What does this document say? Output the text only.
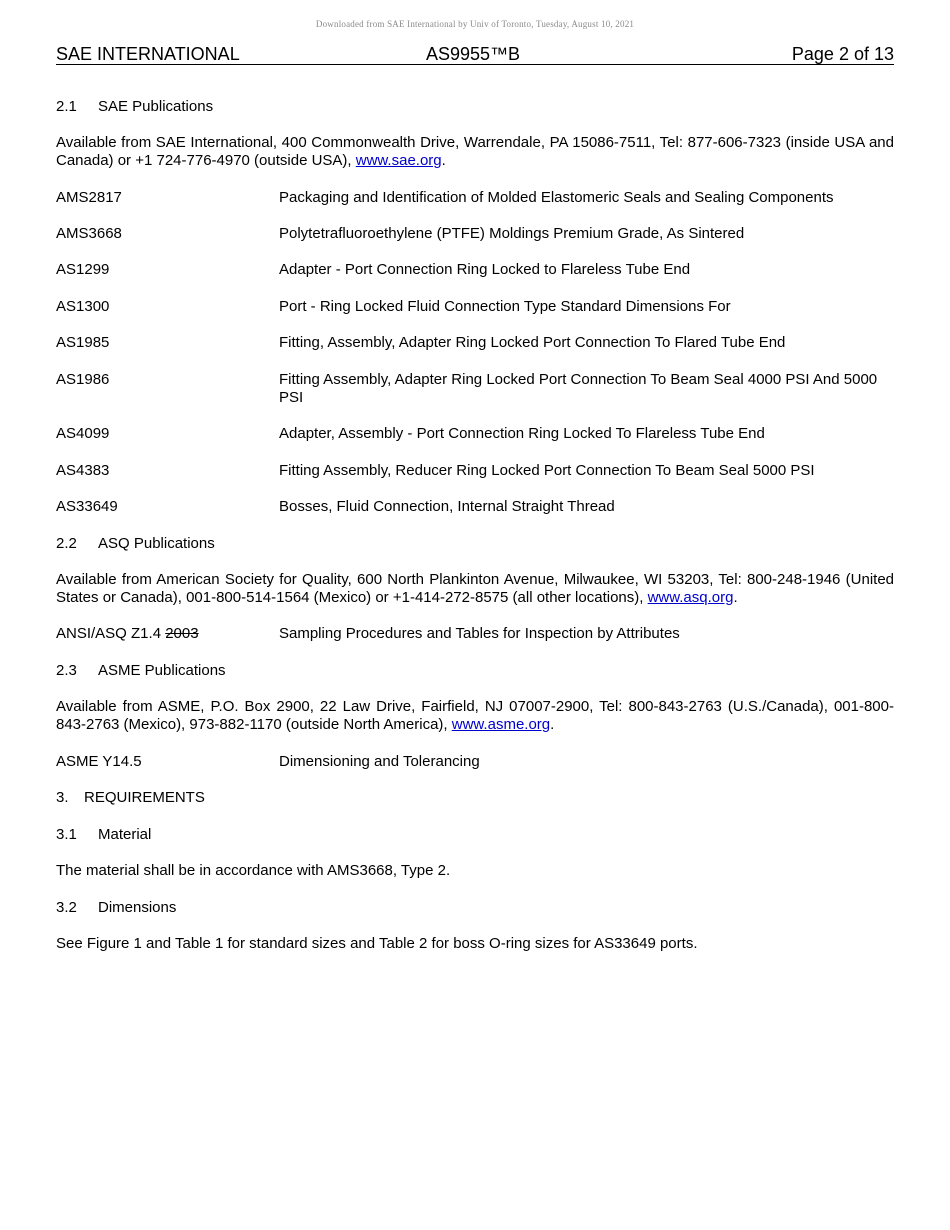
Downloaded from SAE International by Univ of Toronto, Tuesday, August 10, 2021
SAE INTERNATIONAL	AS9955™B	Page 2 of 13
2.1 SAE Publications
Available from SAE International, 400 Commonwealth Drive, Warrendale, PA 15086-7511, Tel: 877-606-7323 (inside USA and Canada) or +1 724-776-4970 (outside USA), www.sae.org.
AMS2817	Packaging and Identification of Molded Elastomeric Seals and Sealing Components
AMS3668	Polytetrafluoroethylene (PTFE) Moldings Premium Grade, As Sintered
AS1299	Adapter - Port Connection Ring Locked to Flareless Tube End
AS1300	Port - Ring Locked Fluid Connection Type Standard Dimensions For
AS1985	Fitting, Assembly, Adapter Ring Locked Port Connection To Flared Tube End
AS1986	Fitting Assembly, Adapter Ring Locked Port Connection To Beam Seal 4000 PSI And 5000 PSI
AS4099	Adapter, Assembly - Port Connection Ring Locked To Flareless Tube End
AS4383	Fitting Assembly, Reducer Ring Locked Port Connection To Beam Seal 5000 PSI
AS33649	Bosses, Fluid Connection, Internal Straight Thread
2.2 ASQ Publications
Available from American Society for Quality, 600 North Plankinton Avenue, Milwaukee, WI 53203, Tel: 800-248-1946 (United States or Canada), 001-800-514-1564 (Mexico) or +1-414-272-8575 (all other locations), www.asq.org.
ANSI/ASQ Z1.4 2003	Sampling Procedures and Tables for Inspection by Attributes
2.3 ASME Publications
Available from ASME, P.O. Box 2900, 22 Law Drive, Fairfield, NJ 07007-2900, Tel: 800-843-2763 (U.S./Canada), 001-800-843-2763 (Mexico), 973-882-1170 (outside North America), www.asme.org.
ASME Y14.5	Dimensioning and Tolerancing
3. REQUIREMENTS
3.1 Material
The material shall be in accordance with AMS3668, Type 2.
3.2 Dimensions
See Figure 1 and Table 1 for standard sizes and Table 2 for boss O-ring sizes for AS33649 ports.
